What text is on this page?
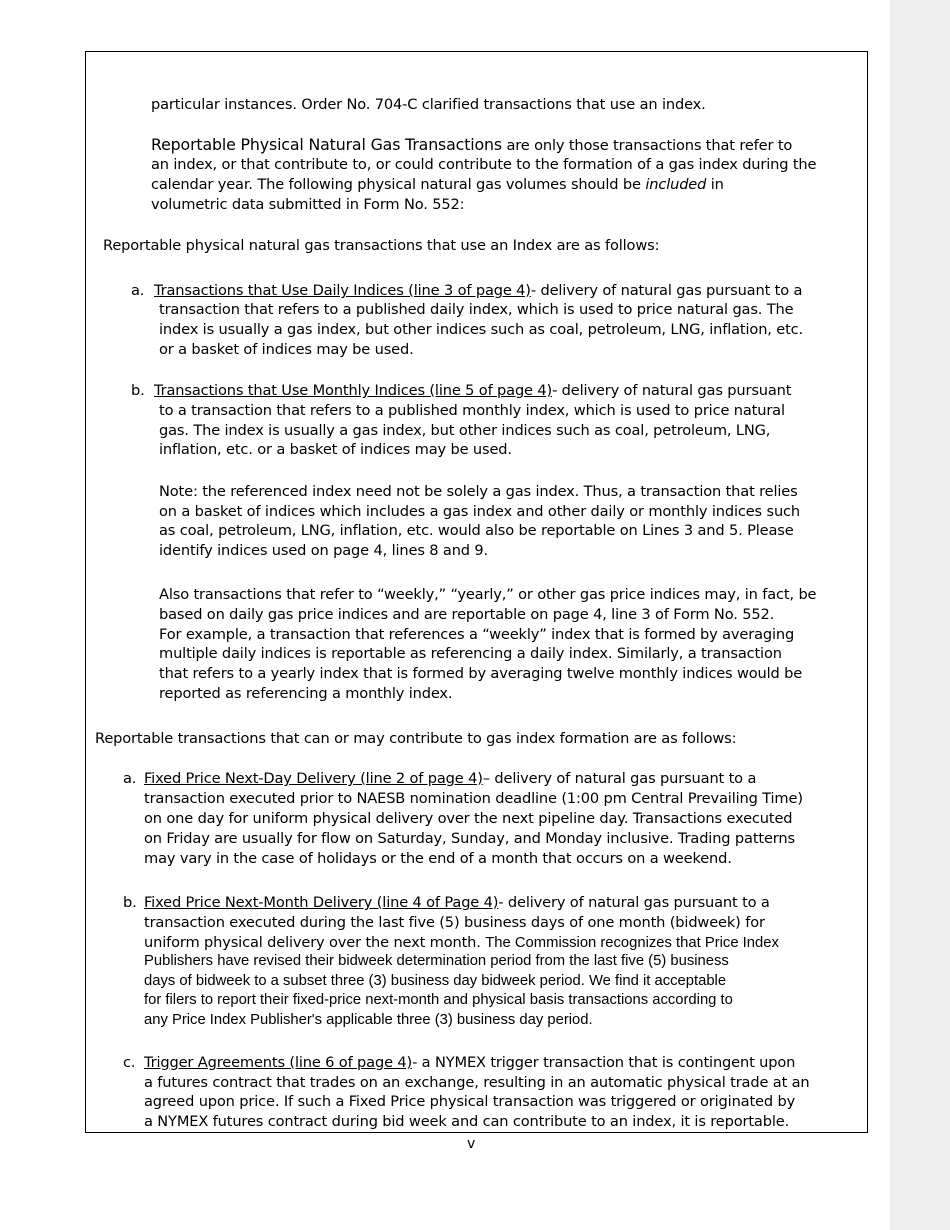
particular instances. Order No. 704-C clarified transactions that use an index.
Reportable Physical Natural Gas Transactions are only those transactions that refer to
an index, or that contribute to, or could contribute to the formation of a gas index during the
calendar year. The following physical natural gas volumes should be included in
volumetric data submitted in Form No. 552:
Reportable physical natural gas transactions that use an Index are as follows:
a. Transactions that Use Daily Indices (line 3 of page 4)- delivery of natural gas pursuant to a
transaction that refers to a published daily index, which is used to price natural gas. The
index is usually a gas index, but other indices such as coal, petroleum, LNG, inflation, etc.
or a basket of indices may be used.
b. Transactions that Use Monthly Indices (line 5 of page 4)- delivery of natural gas pursuant
to a transaction that refers to a published monthly index, which is used to price natural
gas. The index is usually a gas index, but other indices such as coal, petroleum, LNG,
inflation, etc. or a basket of indices may be used.
Note: the referenced index need not be solely a gas index. Thus, a transaction that relies
on a basket of indices which includes a gas index and other daily or monthly indices such
as coal, petroleum, LNG, inflation, etc. would also be reportable on Lines 3 and 5. Please
identify indices used on page 4, lines 8 and 9.
Also transactions that refer to “weekly,” “yearly,” or other gas price indices may, in fact, be
based on daily gas price indices and are reportable on page 4, line 3 of Form No. 552.
For example, a transaction that references a “weekly” index that is formed by averaging
multiple daily indices is reportable as referencing a daily index. Similarly, a transaction
that refers to a yearly index that is formed by averaging twelve monthly indices would be
reported as referencing a monthly index.
Reportable transactions that can or may contribute to gas index formation are as follows:
a. Fixed Price Next-Day Delivery (line 2 of page 4)– delivery of natural gas pursuant to a
transaction executed prior to NAESB nomination deadline (1:00 pm Central Prevailing Time)
on one day for uniform physical delivery over the next pipeline day. Transactions executed
on Friday are usually for flow on Saturday, Sunday, and Monday inclusive. Trading patterns
may vary in the case of holidays or the end of a month that occurs on a weekend.
b. Fixed Price Next-Month Delivery (line 4 of Page 4)- delivery of natural gas pursuant to a
transaction executed during the last five (5) business days of one month (bidweek) for
uniform physical delivery over the next month. The Commission recognizes that Price Index
Publishers have revised their bidweek determination period from the last five (5) business
days of bidweek to a subset three (3) business day bidweek period. We find it acceptable
for filers to report their fixed-price next-month and physical basis transactions according to
any Price Index Publisher's applicable three (3) business day period.
c. Trigger Agreements (line 6 of page 4)- a NYMEX trigger transaction that is contingent upon
a futures contract that trades on an exchange, resulting in an automatic physical trade at an
agreed upon price. If such a Fixed Price physical transaction was triggered or originated by
a NYMEX futures contract during bid week and can contribute to an index, it is reportable.
v
